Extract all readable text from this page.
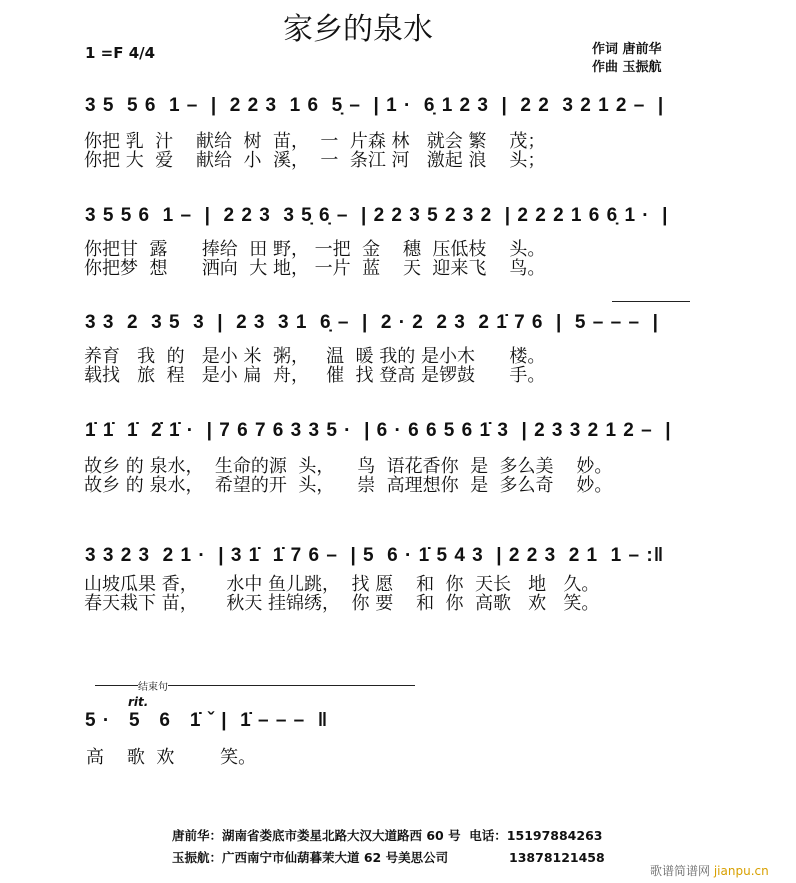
家乡的泉水
1 =F 4/4	作词 唐前华
作曲 玉振航
3 5  5 6  1 –  |  2 2 3  1 6  5̣ –  | 1 ·  6̣ 1 2 3  |  2 2  3 2 1 2 –  |
你把 乳  汁    献给  树  苗，  一  片森 林   就会 繁    茂；
你把 大  爱    献给  小  溪，  一  条江 河   激起 浪    头；
3 5 5 6  1 –  |  2 2 3  3 5̣ 6̣ –  | 2 2 3 5 2 3 2  | 2 2 2 1 6 6̣ 1 ·  |
你把甘  露      捧给  田 野， 一把  金    穗  压低枝    头。
你把梦  想      洒向  大 地， 一片  蓝    天  迎来飞    鸟。
3 3  2  3 5  3  |  2 3  3 1  6̣ –  |  2 · 2  2 3  2 1̇ 7 6  |  5 – – –  |
养育   我  的   是小 米  粥，   温  暖 我的 是小木      楼。
载找   旅  程   是小 扁  舟，   催  找 登高 是锣鼓      手。
1̇ 1̇  1̇  2̇ 1̇ ·  | 7 6 7 6 3 3 5 ·  | 6 · 6 6 5 6 1̇ 3  | 2 3 3 2 1 2 –  |
故乡 的 泉水，  生命的源  头，    鸟  语花香你  是  多么美    妙。
故乡 的 泉水，  希望的开  头，    崇  高理想你  是  多么奇    妙。
3 3 2 3  2 1 ·  | 3 1̇  1̇ 7 6 –  | 5  6 · 1̇ 5 4 3  | 2 2 3  2 1  1 – :‖
山坡瓜果 香，     水中 鱼儿跳，  找 愿    和  你  天长   地   久。
春天栽下 苗，     秋天 挂锦绣，  你 要    和  你  高歌   欢   笑。
结束句
rit.
5 ·   5   6   1̇ ˇ |  1̇ – – –  ‖
高    歌  欢        笑。
唐前华：湖南省娄底市娄星北路大汉大道路西 60 号  电话：15197884263
玉振航：广西南宁市仙葫暮茉大道 62 号美思公司              13878121458
歌谱简谱网 jianpu.cn
